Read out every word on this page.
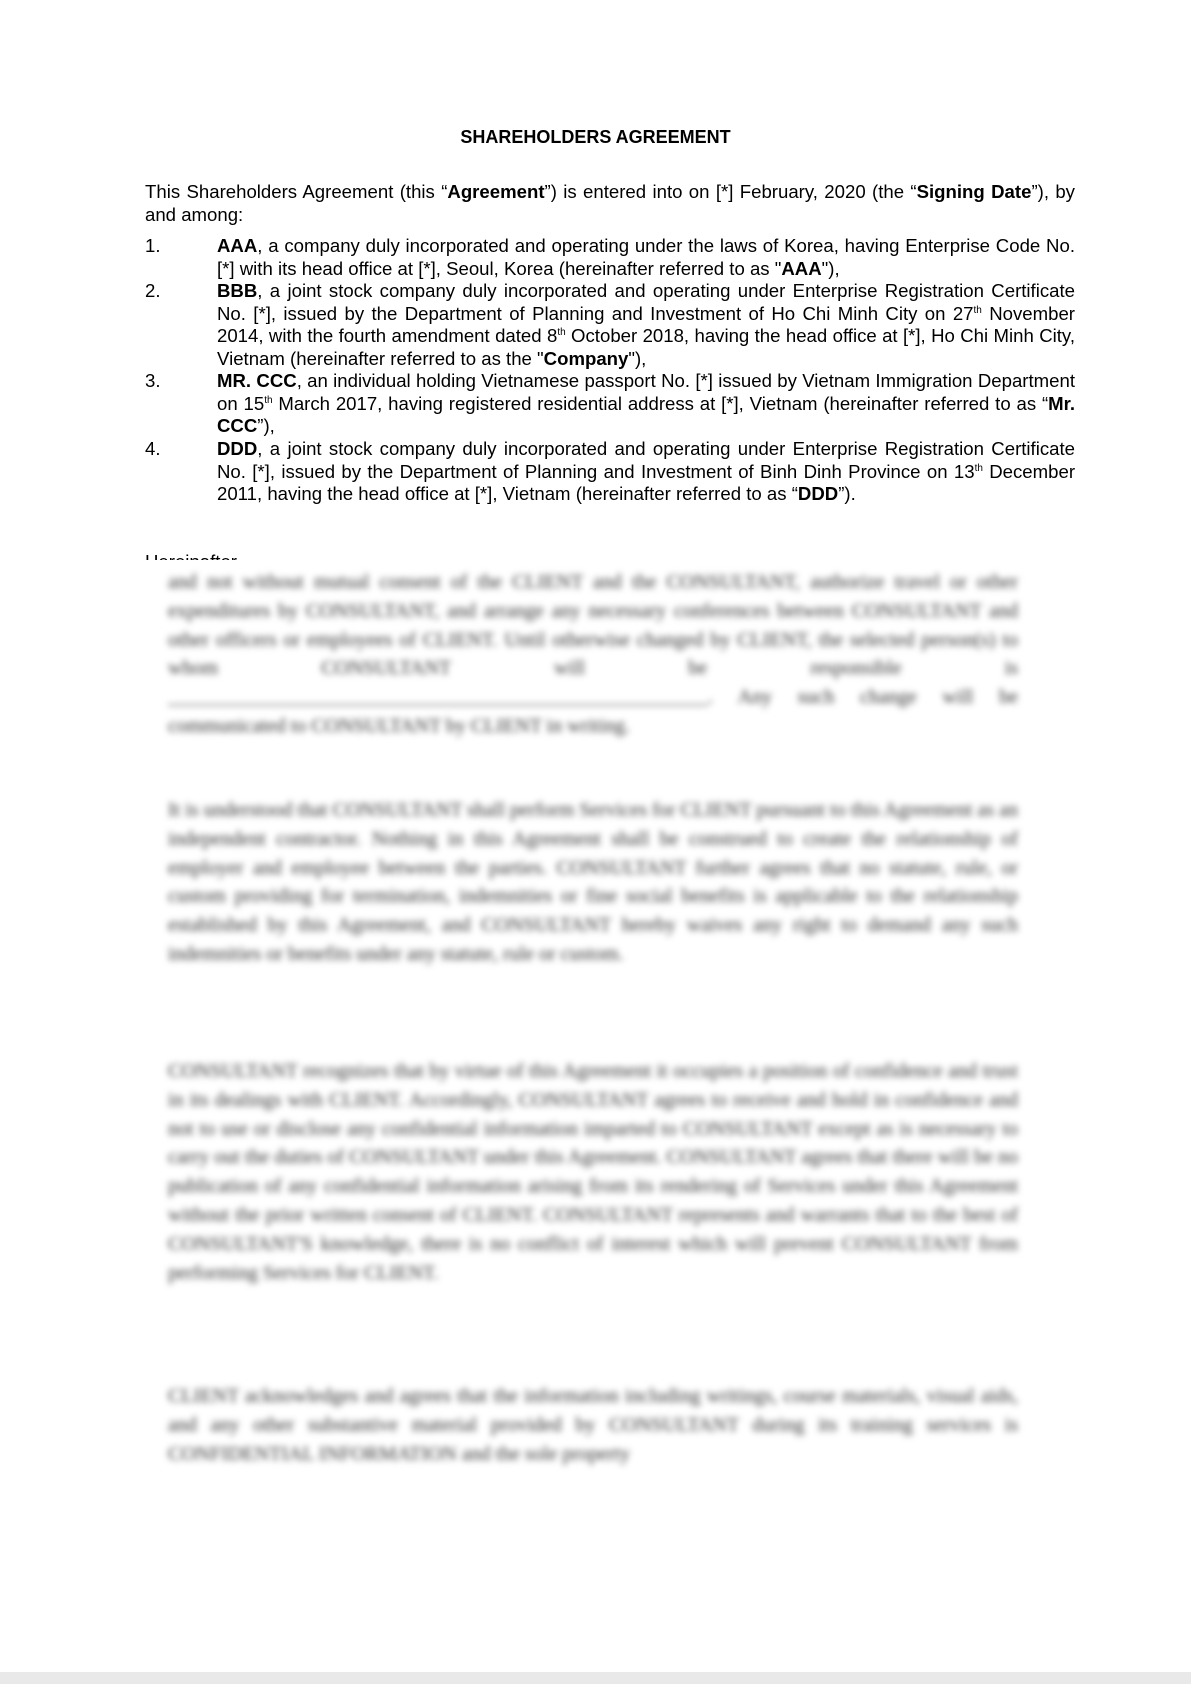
SHAREHOLDERS AGREEMENT
This Shareholders Agreement (this “Agreement”) is entered into on [*] February, 2020 (the “Signing Date”), by and among:
1.	AAA, a company duly incorporated and operating under the laws of Korea, having Enterprise Code No. [*] with its head office at [*], Seoul, Korea (hereinafter referred to as "AAA"),
2.	BBB, a joint stock company duly incorporated and operating under Enterprise Registration Certificate No. [*], issued by the Department of Planning and Investment of Ho Chi Minh City on 27th November 2014, with the fourth amendment dated 8th October 2018, having the head office at [*], Ho Chi Minh City, Vietnam (hereinafter referred to as the "Company"),
3.	MR. CCC, an individual holding Vietnamese passport No. [*] issued by Vietnam Immigration Department on 15th March 2017, having registered residential address at [*], Vietnam (hereinafter referred to as “Mr. CCC”),
4.	DDD, a joint stock company duly incorporated and operating under Enterprise Registration Certificate No. [*], issued by the Department of Planning and Investment of Binh Dinh Province on 13th December 2011, having the head office at [*], Vietnam (hereinafter referred to as “DDD”).
and not without mutual consent of the CLIENT and the CONSULTANT, authorize travel or other expenditures by CONSULTANT, and arrange any necessary conferences between CONSULTANT and other officers or employees of CLIENT. Until otherwise changed by CLIENT, the selected person(s) to whom CONSULTANT will be responsible is ______________________________________________________. Any such change will be communicated to CONSULTANT by CLIENT in writing.
It is understood that CONSULTANT shall perform Services for CLIENT pursuant to this Agreement as an independent contractor. Nothing in this Agreement shall be construed to create the relationship of employer and employee between the parties. CONSULTANT further agrees that no statute, rule, or custom providing for termination, indemnities or fine social benefits is applicable to the relationship established by this Agreement, and CONSULTANT hereby waives any right to demand any such indemnities or benefits under any statute, rule or custom.
CONSULTANT recognizes that by virtue of this Agreement it occupies a position of confidence and trust in its dealings with CLIENT. Accordingly, CONSULTANT agrees to receive and hold in confidence and not to use or disclose any confidential information imparted to CONSULTANT except as is necessary to carry out the duties of CONSULTANT under this Agreement. CONSULTANT agrees that there will be no publication of any confidential information arising from its rendering of Services under this Agreement without the prior written consent of CLIENT. CONSULTANT represents and warrants that to the best of CONSULTANT'S knowledge, there is no conflict of interest which will prevent CONSULTANT from performing Services for CLIENT.
CLIENT acknowledges and agrees that the information including writings, course materials, visual aids, and any other substantive material provided by CONSULTANT during its training services is CONFIDENTIAL INFORMATION and the sole property
